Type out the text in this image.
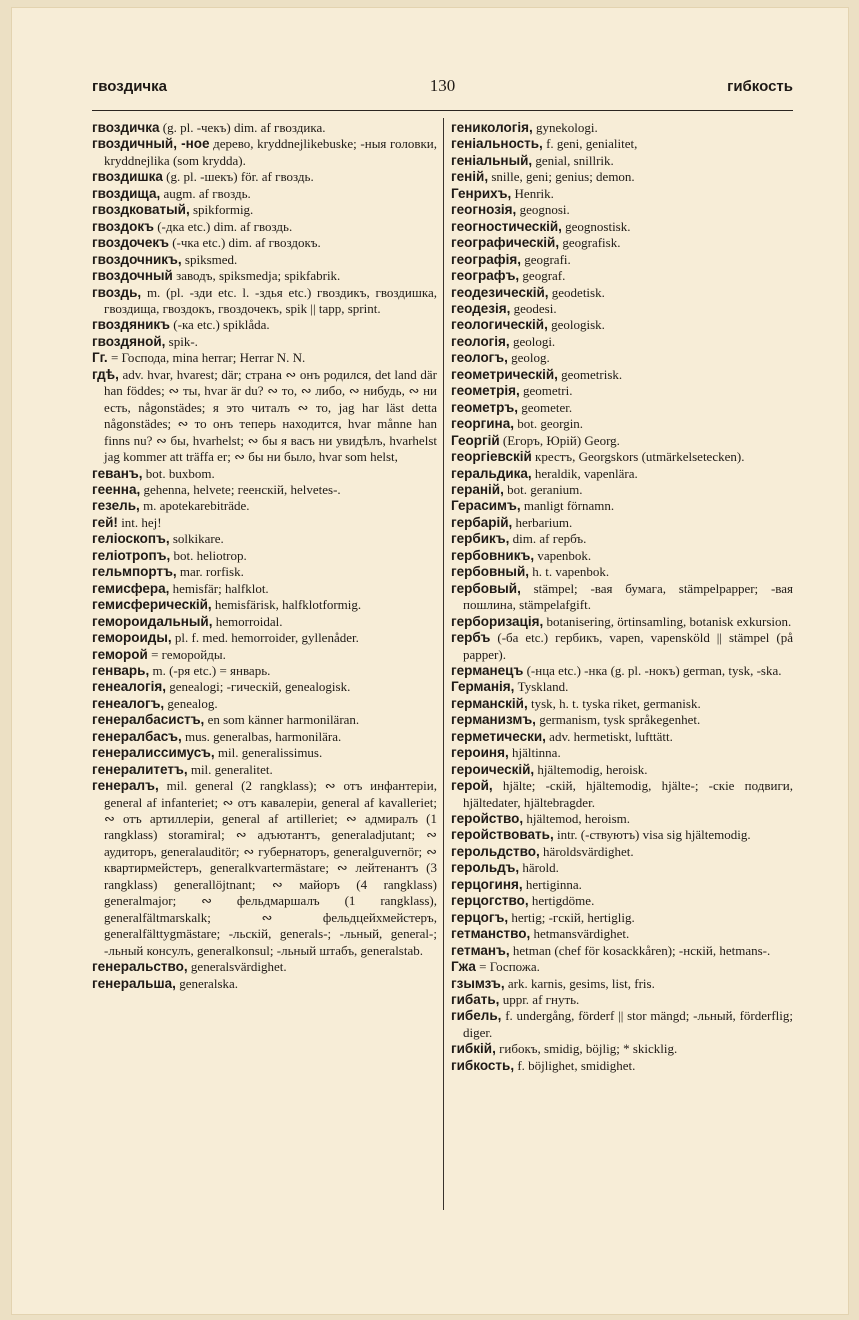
гвоздичка	130	гибкость

гвоздичка (g. pl. -чекъ) dim. af гвоздика.

гвоздичный, -ное дерево, kryddnejlikebuske; -ныя головки, kryddnejlika (som krydda).

гвоздишка (g. pl. -шекъ) för. af гвоздь.

гвоздища, augm. af гвоздь.

гвоздковатый, spikformig.

гвоздокъ (-дка etc.) dim. af гвоздь.

гвоздочекъ (-чка etc.) dim. af гвоздокъ.

гвоздочникъ, spiksmed.

гвоздочный заводъ, spiksmedja; spikfabrik.

гвоздь, m. (pl. -зди etc. l. -здья etc.) гвоздикъ, гвоздишка, гвоздища, гвоздокъ, гвоздочекъ, spik || tapp, sprint.

гвоздяникъ (-ка etc.) spiklåda.

гвоздяной, spik-.

Гг. = Господа, mina herrar; Herrar N. N.

гдѣ, adv. hvar, hvarest; där; страна ∾ онъ родился, det land där han föddes; ∾ ты, hvar är du? ∾ то, ∾ либо, ∾ нибудь, ∾ ни есть, någonstädes; я это читалъ ∾ то, jag har läst detta någonstädes; ∾ то онъ теперь находится, hvar månne han finns nu? ∾ бы, hvarhelst; ∾ бы я васъ ни увидѣлъ, hvarhelst jag kommer att träffa er; ∾ бы ни было, hvar som helst,

геванъ, bot. buxbom.

геенна, gehenna, helvete; геенскій, helvetes-.

гезель, m. apotekarebiträde.

гей! int. hej!

геліоскопъ, solkikare.

геліотропъ, bot. heliotrop.

гельмпортъ, mar. rorfisk.

гемисфера, hemisfär; halfklot.

гемисферическій, hemisfärisk, halfklotformig.

гемороидальный, hemorroidal.

гемороиды, pl. f. med. hemorroider, gyllenåder.

геморой = геморойды.

генварь, m. (-ря etc.) = январь.

генеалогія, genealogi; -гическій, genealogisk.

генеалогъ, genealog.

генералбасистъ, en som känner harmoniläran.

генералбасъ, mus. generalbas, harmonilära.

генералиссимусъ, mil. generalissimus.

генералитетъ, mil. generalitet.

генералъ, mil. general (2 rangklass); ∾ отъ инфантеріи, general af infanteriet; ∾ отъ кавалеріи, general af kavalleriet; ∾ отъ артиллеріи, general af artilleriet; ∾ адмиралъ (1 rangklass) storamiral; ∾ адъютантъ, generaladjutant; ∾ аудиторъ, generalauditör; ∾ губернаторъ, generalguvernör; ∾ квартирмейстеръ, generalkvartermästare; ∾ лейтенантъ (3 rangklass) generallöjtnant; ∾ майоръ (4 rangklass) generalmajor; ∾ фельдмаршалъ (1 rangklass), generalfältmarskalk; ∾ фельдцейхмейстеръ, generalfälttygmästare; -льскій, generals-; -льный, general-; -льный консулъ, generalkonsul; -льный штабъ, generalstab.

генеральство, generalsvärdighet.

генеральша, generalska.

геникологія, gynekologi.

геніальность, f. geni, genialitet,

геніальный, genial, snillrik.

геній, snille, geni; genius; demon.

Генрихъ, Henrik.

геогнозія, geognosi.

геогностическій, geognostisk.

географическій, geografisk.

географія, geografi.

географъ, geograf.

геодезическій, geodetisk.

геодезія, geodesi.

геологическій, geologisk.

геологія, geologi.

геологъ, geolog.

геометрическій, geometrisk.

геометрія, geometri.

геометръ, geometer.

георгина, bot. georgin.

Георгій (Егоръ, Юрій) Georg.

георгіевскій крестъ, Georgskors (utmärkelsetecken).

геральдика, heraldik, vapenlära.

гераній, bot. geranium.

Герасимъ, manligt förnamn.

гербарій, herbarium.

гербикъ, dim. af гербъ.

гербовникъ, vapenbok.

гербовный, h. t. vapenbok.

гербовый, stämpel; -вая бумага, stämpelpapper; -вая пошлина, stämpelafgift.

герборизація, botanisering, örtinsamling, botanisk exkursion.

гербъ (-ба etc.) гербикъ, vapen, vapensköld || stämpel (på papper).

германецъ (-нца etc.) -нка (g. pl. -нокъ) german, tysk, -ska.

Германія, Tyskland.

германскій, tysk, h. t. tyska riket, germanisk.

германизмъ, germanism, tysk språkegenhet.

герметически, adv. hermetiskt, lufttätt.

героиня, hjältinna.

героическій, hjältemodig, heroisk.

герой, hjälte; -скій, hjältemodig, hjälte-; -скіе подвиги, hjältedater, hjältebragder.

геройство, hjältemod, heroism.

геройствовать, intr. (-ствуютъ) visa sig hjältemodig.

герольдство, häroldsvärdighet.

герольдъ, härold.

герцогиня, hertiginna.

герцогство, hertigdöme.

герцогъ, hertig; -гскій, hertiglig.

гетманство, hetmansvärdighet.

гетманъ, hetman (chef för kosackkåren); -нскій, hetmans-.

Гжа = Госпожа.

гзымзъ, ark. karnis, gesims, list, fris.

гибать, uppr. af гнуть.

гибель, f. undergång, förderf || stor mängd; -льный, förderflig; diger.

гибкій, гибокъ, smidig, böjlig; * skicklig.

гибкость, f. böjlighet, smidighet.
